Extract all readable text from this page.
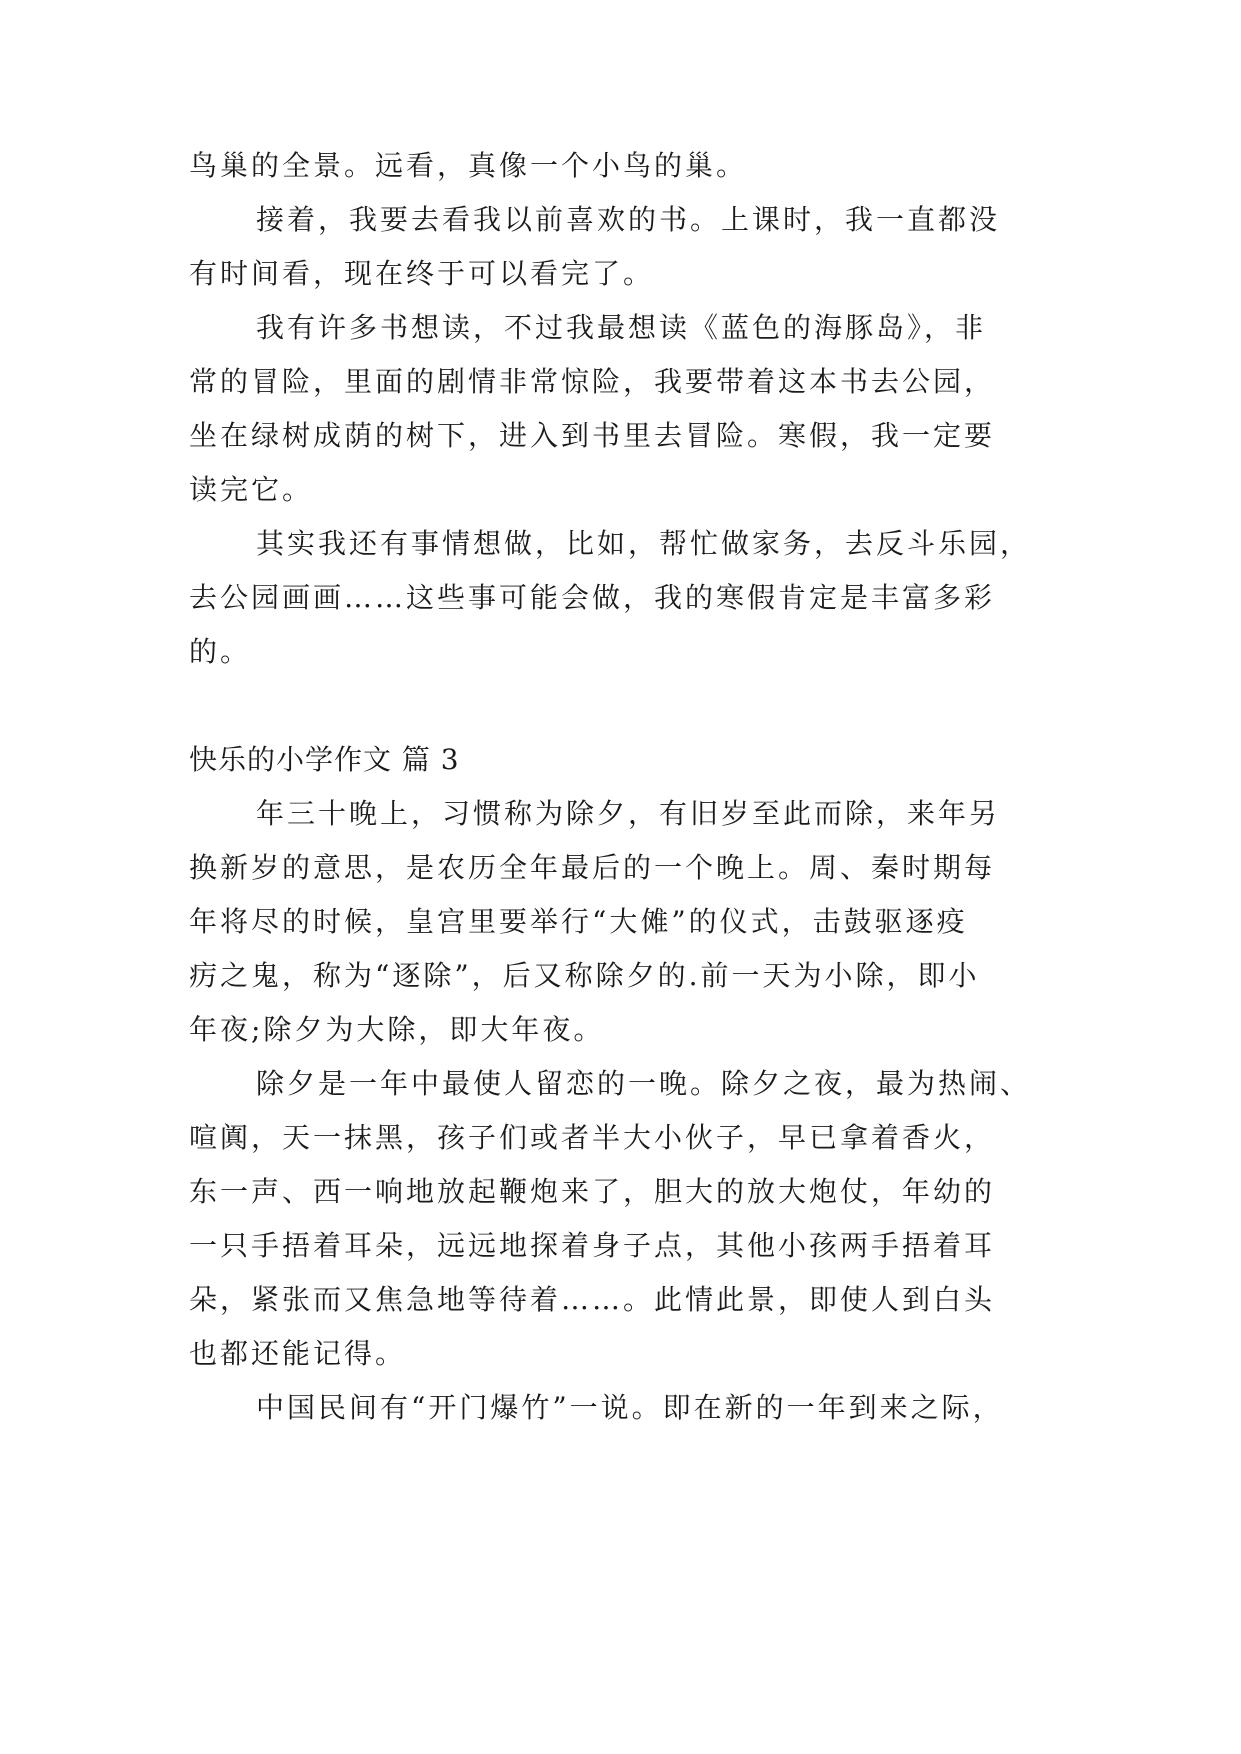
鸟巢的全景。远看，真像一个小鸟的巢。
接着，我要去看我以前喜欢的书。上课时，我一直都没
有时间看，现在终于可以看完了。
我有许多书想读，不过我最想读《蓝色的海豚岛》，非
常的冒险，里面的剧情非常惊险，我要带着这本书去公园，
坐在绿树成荫的树下，进入到书里去冒险。寒假，我一定要
读完它。
其实我还有事情想做，比如，帮忙做家务，去反斗乐园，
去公园画画……这些事可能会做，我的寒假肯定是丰富多彩
的。
快乐的小学作文 篇 3
年三十晚上，习惯称为除夕，有旧岁至此而除，来年另
换新岁的意思，是农历全年最后的一个晚上。周、秦时期每
年将尽的时候，皇宫里要举行“大傩”的仪式，击鼓驱逐疫
疠之鬼，称为“逐除”，后又称除夕的.前一天为小除，即小
年夜;除夕为大除，即大年夜。
除夕是一年中最使人留恋的一晚。除夕之夜，最为热闹、
喧阗，天一抹黑，孩子们或者半大小伙子，早已拿着香火，
东一声、西一响地放起鞭炮来了，胆大的放大炮仗，年幼的
一只手捂着耳朵，远远地探着身子点，其他小孩两手捂着耳
朵，紧张而又焦急地等待着……。此情此景，即使人到白头
也都还能记得。
中国民间有“开门爆竹”一说。即在新的一年到来之际，
